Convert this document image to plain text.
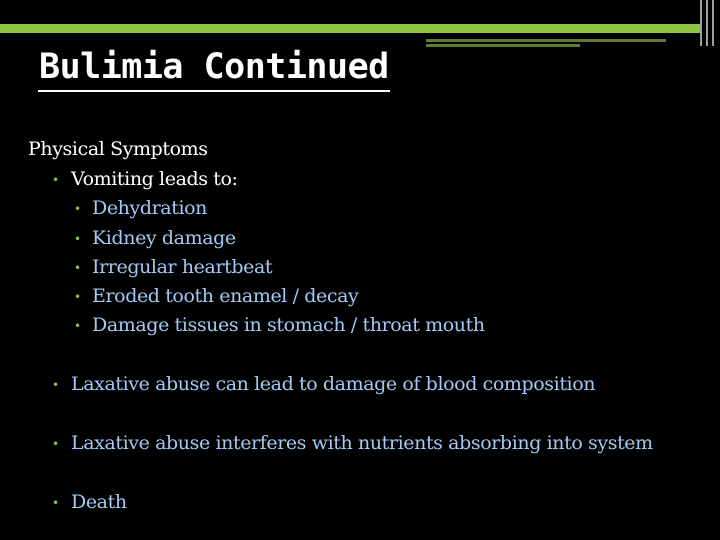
Bulimia Continued
Physical Symptoms
• Vomiting leads to:
• Dehydration
• Kidney damage
• Irregular heartbeat
• Eroded tooth enamel / decay
• Damage tissues in stomach / throat mouth
• Laxative abuse can lead to damage of blood composition
• Laxative abuse interferes with nutrients absorbing into system
• Death
